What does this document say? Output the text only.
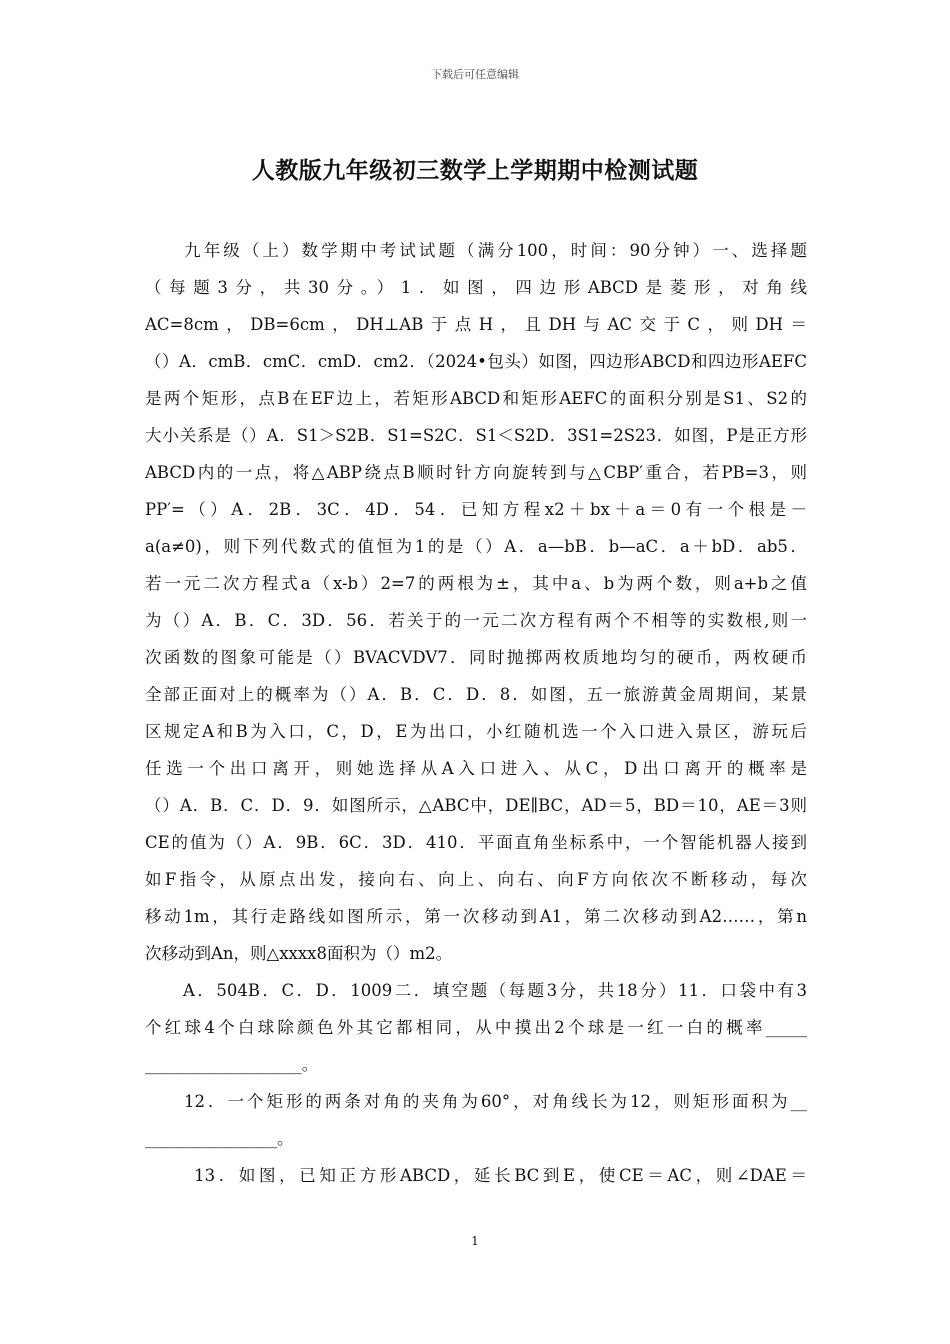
下载后可任意编辑
人教版九年级初三数学上学期期中检测试题
　　九年级（上）数学期中考试试题（满分100，时间：90分钟）一、选择题
（每题3分，共30分。）1．如图，四边形ABCD是菱形，对角线
AC=8cm，DB=6cm，DH⊥AB于点H，且DH与AC交于C，则DH＝
（）A．cmB．cmC．cmD．cm2．（2024•包头）如图，四边形ABCD和四边形AEFC
是两个矩形，点B在EF边上，若矩形ABCD和矩形AEFC的面积分别是S1、S2的
大小关系是（）A．S1＞S2B．S1=S2C．S1＜S2D．3S1=2S23．如图，P是正方形
ABCD内的一点，将△ABP绕点B顺时针方向旋转到与△CBP′重合，若PB=3，则
PP′=（）A．2B．3C．4D．54．已知方程x2＋bx＋a＝0有一个根是－
a(a≠0)，则下列代数式的值恒为1的是（）A．a—bB．b—aC．a＋bD．ab5．
若一元二次方程式a（x-b）2=7的两根为±，其中a、b为两个数，则a+b之值
为（）A．B．C．3D．56．若关于的一元二次方程有两个不相等的实数根,则一
次函数的图象可能是（）BVACVDV7．同时抛掷两枚质地均匀的硬币，两枚硬币
全部正面对上的概率为（）A．B．C．D．8．如图，五一旅游黄金周期间，某景
区规定A和B为入口，C，D，E为出口，小红随机选一个入口进入景区，游玩后
任选一个出口离开，则她选择从A入口进入、从C，D出口离开的概率是
（）A．B．C．D．9．如图所示，△ABC中，DE∥BC，AD＝5，BD＝10，AE＝3则
CE的值为（）A．9B．6C．3D．410．平面直角坐标系中，一个智能机器人接到
如F指令，从原点出发，接向右、向上、向右、向F方向依次不断移动，每次
移动1m，其行走路线如图所示，第一次移动到A1，第二次移动到A2……，第n
次移动到An，则△xxxx8面积为（）m2。
　　A．504B．C．D．1009二．填空题（每题3分，共18分）11．口袋中有3
个红球4个白球除颜色外其它都相同，从中摸出2个球是一红一白的概率_____
___________________。
　　12．一个矩形的两条对角的夹角为60°，对角线长为12，则矩形面积为__
________________。
　　 13．如图，已知正方形ABCD，延长BC到E，使CE＝AC，则∠DAE＝
1
